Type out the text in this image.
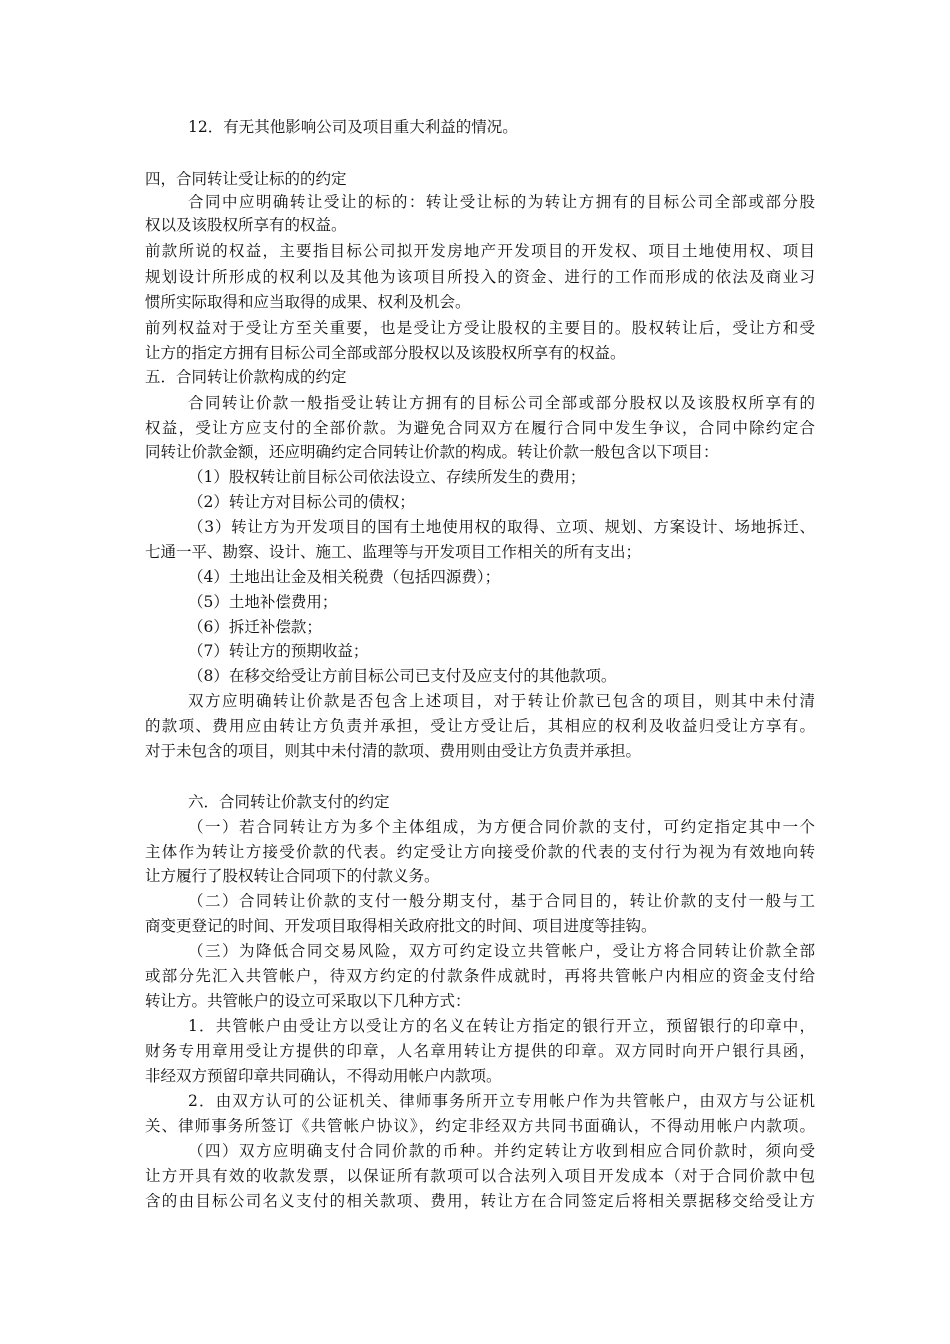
12．有无其他影响公司及项目重大利益的情况。
四，合同转让受让标的的约定
合同中应明确转让受让的标的：转让受让标的为转让方拥有的目标公司全部或部分股
权以及该股权所享有的权益。
前款所说的权益，主要指目标公司拟开发房地产开发项目的开发权、项目土地使用权、项目
规划设计所形成的权利以及其他为该项目所投入的资金、进行的工作而形成的依法及商业习
惯所实际取得和应当取得的成果、权利及机会。
前列权益对于受让方至关重要，也是受让方受让股权的主要目的。股权转让后，受让方和受
让方的指定方拥有目标公司全部或部分股权以及该股权所享有的权益。
五．合同转让价款构成的约定
合同转让价款一般指受让转让方拥有的目标公司全部或部分股权以及该股权所享有的
权益，受让方应支付的全部价款。为避免合同双方在履行合同中发生争议，合同中除约定合
同转让价款金额，还应明确约定合同转让价款的构成。转让价款一般包含以下项目：
（1）股权转让前目标公司依法设立、存续所发生的费用；
（2）转让方对目标公司的债权；
（3）转让方为开发项目的国有土地使用权的取得、立项、规划、方案设计、场地拆迁、
七通一平、勘察、设计、施工、监理等与开发项目工作相关的所有支出；
（4）土地出让金及相关税费（包括四源费）；
（5）土地补偿费用；
（6）拆迁补偿款；
（7）转让方的预期收益；
（8）在移交给受让方前目标公司已支付及应支付的其他款项。
双方应明确转让价款是否包含上述项目，对于转让价款已包含的项目，则其中未付清
的款项、费用应由转让方负责并承担，受让方受让后，其相应的权利及收益归受让方享有。
对于未包含的项目，则其中未付清的款项、费用则由受让方负责并承担。
六．合同转让价款支付的约定
（一）若合同转让方为多个主体组成，为方便合同价款的支付，可约定指定其中一个
主体作为转让方接受价款的代表。约定受让方向接受价款的代表的支付行为视为有效地向转
让方履行了股权转让合同项下的付款义务。
（二）合同转让价款的支付一般分期支付，基于合同目的，转让价款的支付一般与工
商变更登记的时间、开发项目取得相关政府批文的时间、项目进度等挂钩。
（三）为降低合同交易风险，双方可约定设立共管帐户，受让方将合同转让价款全部
或部分先汇入共管帐户，待双方约定的付款条件成就时，再将共管帐户内相应的资金支付给
转让方。共管帐户的设立可采取以下几种方式：
1．共管帐户由受让方以受让方的名义在转让方指定的银行开立，预留银行的印章中，
财务专用章用受让方提供的印章，人名章用转让方提供的印章。双方同时向开户银行具函，
非经双方预留印章共同确认，不得动用帐户内款项。
2．由双方认可的公证机关、律师事务所开立专用帐户作为共管帐户，由双方与公证机
关、律师事务所签订《共管帐户协议》，约定非经双方共同书面确认，不得动用帐户内款项。
（四）双方应明确支付合同价款的币种。并约定转让方收到相应合同价款时，须向受
让方开具有效的收款发票，以保证所有款项可以合法列入项目开发成本（对于合同价款中包
含的由目标公司名义支付的相关款项、费用，转让方在合同签定后将相关票据移交给受让方
